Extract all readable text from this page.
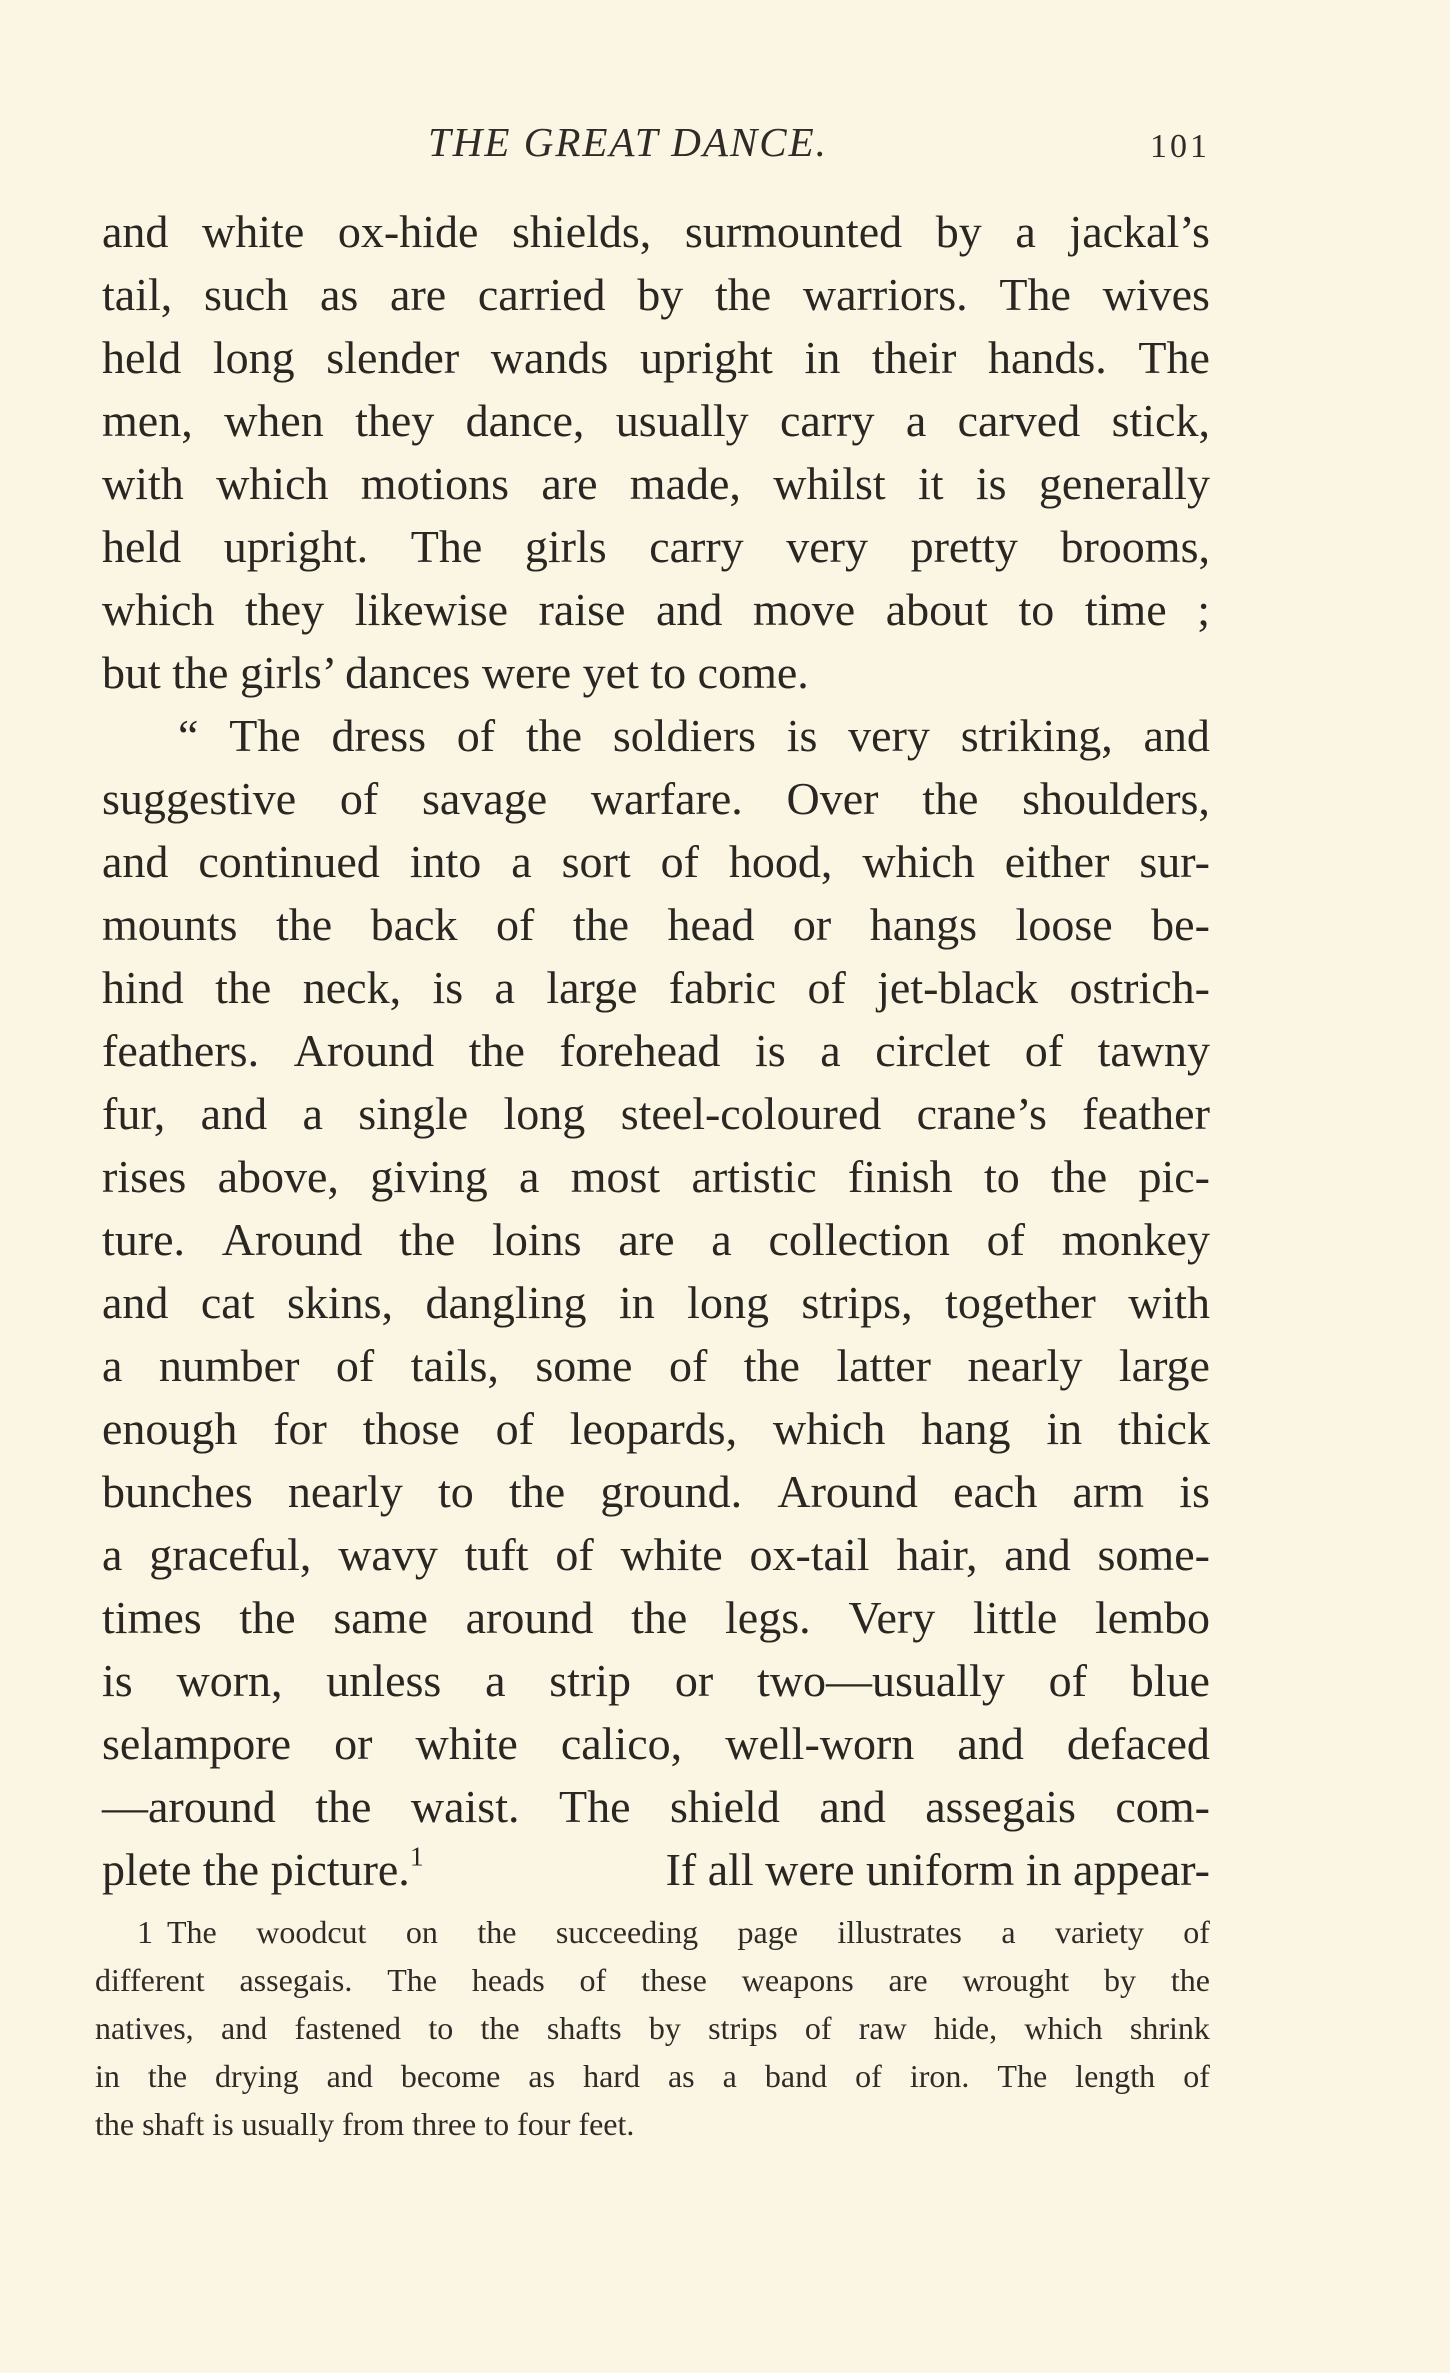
THE GREAT DANCE.	101
and white ox-hide shields, surmounted by a jackal’s
tail, such as are carried by the warriors. The wives
held long slender wands upright in their hands. The
men, when they dance, usually carry a carved stick,
with which motions are made, whilst it is generally
held upright. The girls carry very pretty brooms,
which they likewise raise and move about to time ;
but the girls’ dances were yet to come.
“ The dress of the soldiers is very striking, and
suggestive of savage warfare. Over the shoulders,
and continued into a sort of hood, which either sur-
mounts the back of the head or hangs loose be-
hind the neck, is a large fabric of jet-black ostrich-
feathers. Around the forehead is a circlet of tawny
fur, and a single long steel-coloured crane’s feather
rises above, giving a most artistic finish to the pic-
ture. Around the loins are a collection of monkey
and cat skins, dangling in long strips, together with
a number of tails, some of the latter nearly large
enough for those of leopards, which hang in thick
bunches nearly to the ground. Around each arm is
a graceful, wavy tuft of white ox-tail hair, and some-
times the same around the legs. Very little lembo
is worn, unless a strip or two—usually of blue
selampore or white calico, well-worn and defaced
—around the waist. The shield and assegais com-
plete the picture.$^1$	If all were uniform in appear-
1 The woodcut on the succeeding page illustrates a variety of
different assegais. The heads of these weapons are wrought by the
natives, and fastened to the shafts by strips of raw hide, which shrink
in the drying and become as hard as a band of iron. The length of
the shaft is usually from three to four feet.
